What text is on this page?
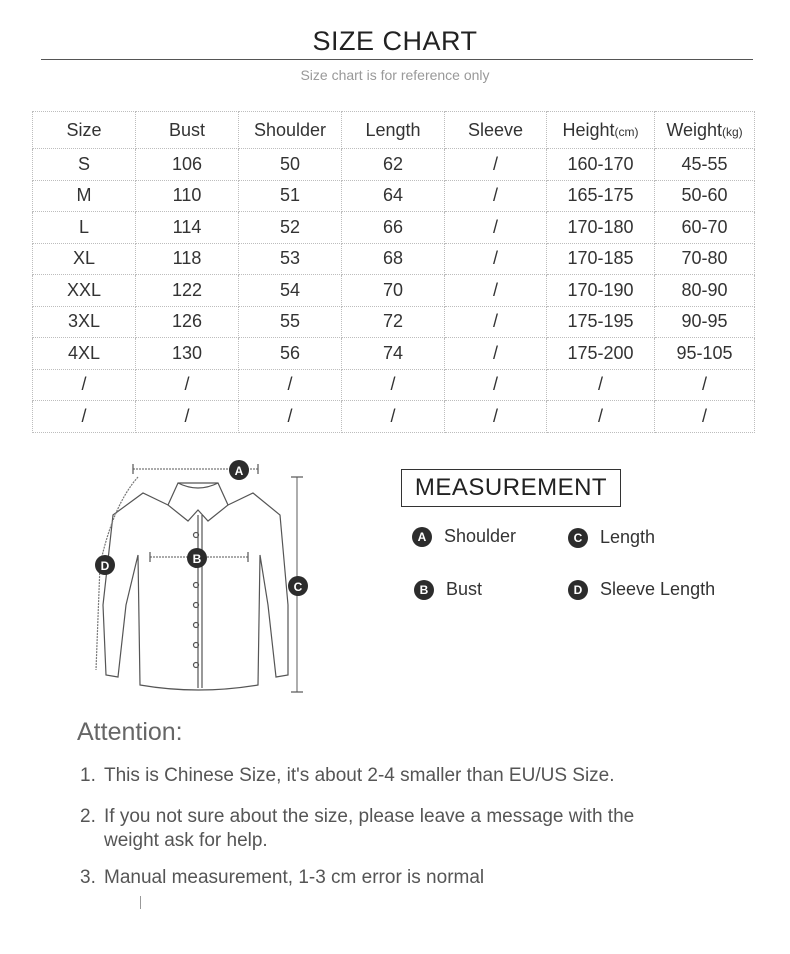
SIZE CHART
Size chart is for reference only
Size	Bust	Shoulder	Length	Sleeve	Height(cm)	Weight(kg)
S	106	50	62	/	160-170	45-55
M	110	51	64	/	165-175	50-60
L	114	52	66	/	170-180	60-70
XL	118	53	68	/	170-185	70-80
XXL	122	54	70	/	170-190	80-90
3XL	126	55	72	/	175-195	90-95
4XL	130	56	74	/	175-200	95-105
/	/	/	/	/	/	/
/	/	/	/	/	/	/
A
B
C
D
MEASUREMENT
A Shoulder
B Bust
C Length
D Sleeve Length
Attention:
1. This is Chinese Size, it's about 2-4 smaller than EU/US Size.
2. If you not sure about the size, please leave a message with the
weight ask for help.
3. Manual measurement, 1-3 cm error is normal
